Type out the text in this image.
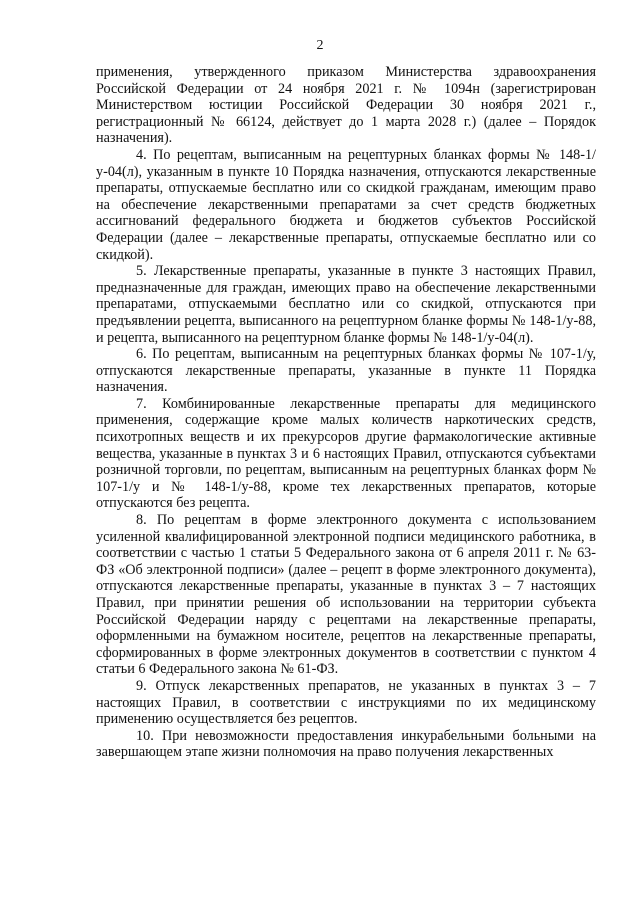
2

применения, утвержденного приказом Министерства здравоохранения Российской Федерации от 24 ноября 2021 г. № 1094н (зарегистрирован Министерством юстиции Российской Федерации 30 ноября 2021 г., регистрационный № 66124, действует до 1 марта 2028 г.) (далее – Порядок назначения).

4. По рецептам, выписанным на рецептурных бланках формы № 148-1/у-04(л), указанным в пункте 10 Порядка назначения, отпускаются лекарственные препараты, отпускаемые бесплатно или со скидкой гражданам, имеющим право на обеспечение лекарственными препаратами за счет средств бюджетных ассигнований федерального бюджета и бюджетов субъектов Российской Федерации (далее – лекарственные препараты, отпускаемые бесплатно или со скидкой).

5. Лекарственные препараты, указанные в пункте 3 настоящих Правил, предназначенные для граждан, имеющих право на обеспечение лекарственными препаратами, отпускаемыми бесплатно или со скидкой, отпускаются при предъявлении рецепта, выписанного на рецептурном бланке формы № 148-1/у-88, и рецепта, выписанного на рецептурном бланке формы № 148-1/у-04(л).

6. По рецептам, выписанным на рецептурных бланках формы № 107-1/у, отпускаются лекарственные препараты, указанные в пункте 11 Порядка назначения.

7. Комбинированные лекарственные препараты для медицинского применения, содержащие кроме малых количеств наркотических средств, психотропных веществ и их прекурсоров другие фармакологические активные вещества, указанные в пунктах 3 и 6 настоящих Правил, отпускаются субъектами розничной торговли, по рецептам, выписанным на рецептурных бланках форм № 107-1/у и № 148-1/у-88, кроме тех лекарственных препаратов, которые отпускаются без рецепта.

8. По рецептам в форме электронного документа с использованием усиленной квалифицированной электронной подписи медицинского работника, в соответствии с частью 1 статьи 5 Федерального закона от 6 апреля 2011 г. № 63-ФЗ «Об электронной подписи» (далее – рецепт в форме электронного документа), отпускаются лекарственные препараты, указанные в пунктах 3 – 7 настоящих Правил, при принятии решения об использовании на территории субъекта Российской Федерации наряду с рецептами на лекарственные препараты, оформленными на бумажном носителе, рецептов на лекарственные препараты, сформированных в форме электронных документов в соответствии с пунктом 4 статьи 6 Федерального закона № 61-ФЗ.

9. Отпуск лекарственных препаратов, не указанных в пунктах 3 – 7 настоящих Правил, в соответствии с инструкциями по их медицинскому применению осуществляется без рецептов.

10. При невозможности предоставления инкурабельными больными на завершающем этапе жизни полномочия на право получения лекарственных
